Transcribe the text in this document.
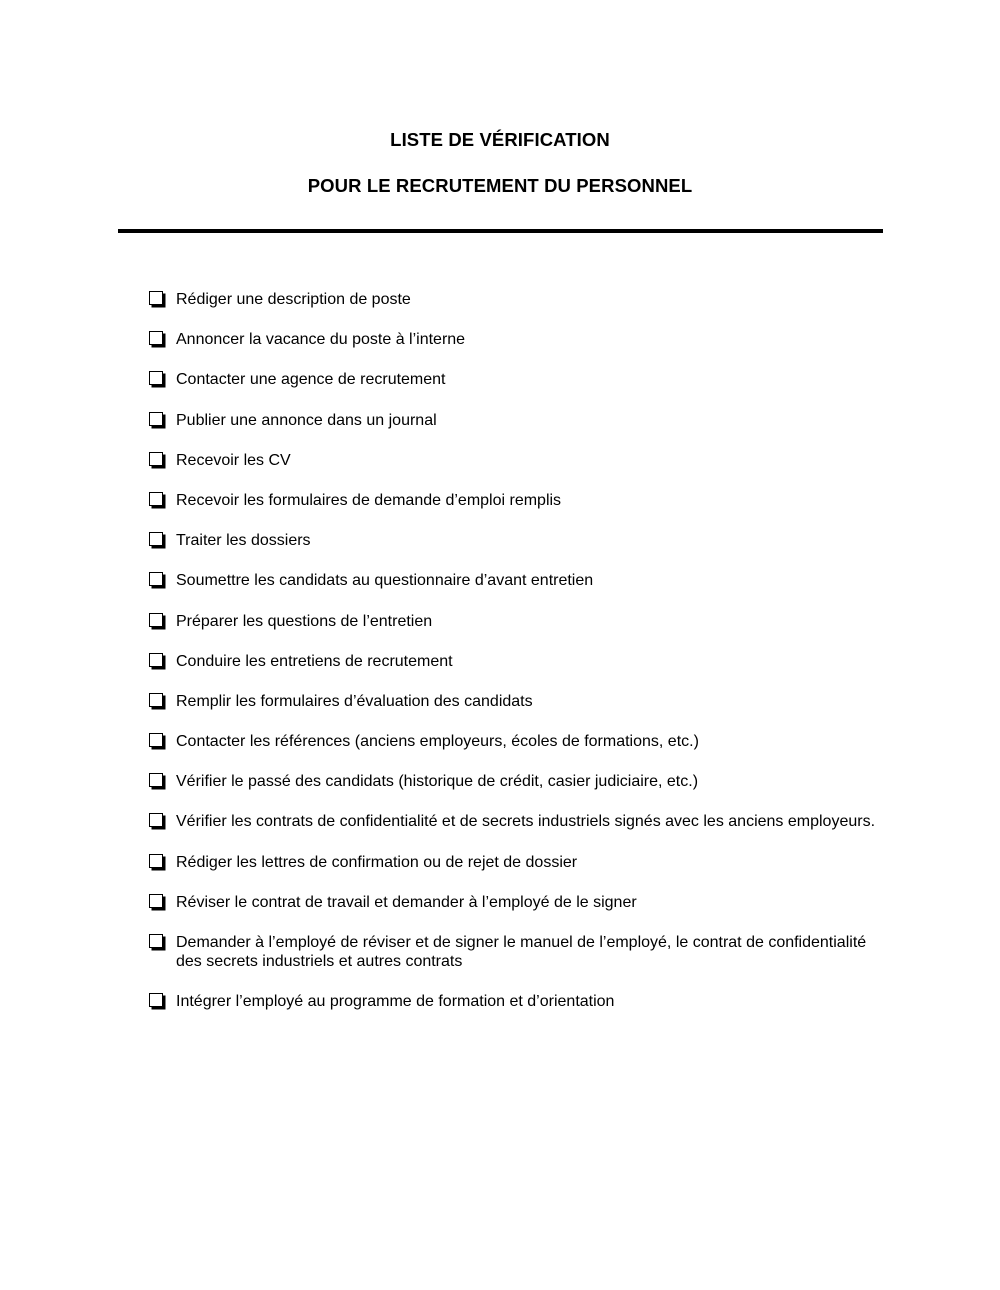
LISTE DE VÉRIFICATION
POUR LE RECRUTEMENT DU PERSONNEL
Rédiger une description de poste
Annoncer la vacance du poste à l’interne
Contacter une agence de recrutement
Publier une annonce dans un journal
Recevoir les CV
Recevoir les formulaires de demande d’emploi remplis
Traiter les dossiers
Soumettre les candidats au questionnaire d’avant entretien
Préparer les questions de l’entretien
Conduire les entretiens de recrutement
Remplir les formulaires d’évaluation des candidats
Contacter les références (anciens employeurs, écoles de formations, etc.)
Vérifier le passé des candidats (historique de crédit, casier judiciaire, etc.)
Vérifier les contrats de confidentialité et de secrets industriels signés avec les anciens employeurs.
Rédiger les lettres de confirmation ou de rejet de dossier
Réviser le contrat de travail et demander à l’employé de le signer
Demander à l’employé de réviser et de signer le manuel de l’employé, le contrat de confidentialité des secrets industriels et autres contrats
Intégrer l’employé au programme de formation et d’orientation
